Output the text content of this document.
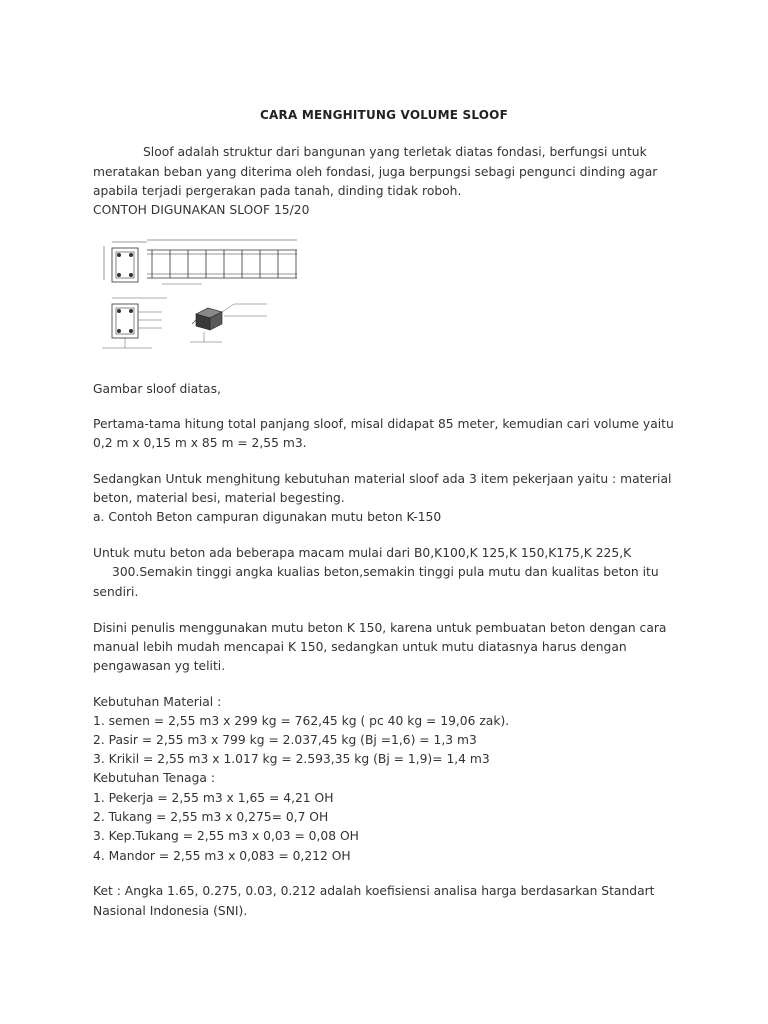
CARA MENGHITUNG VOLUME SLOOF
Sloof adalah struktur dari bangunan yang terletak diatas fondasi, berfungsi untuk
meratakan beban yang diterima oleh fondasi, juga berpungsi sebagi pengunci dinding agar
apabila terjadi pergerakan pada tanah, dinding tidak roboh.
CONTOH DIGUNAKAN SLOOF 15/20
Gambar sloof diatas,
Pertama-tama hitung total panjang sloof, misal didapat 85 meter, kemudian cari volume yaitu
0,2 m x 0,15 m x 85 m = 2,55 m3.
Sedangkan Untuk menghitung kebutuhan material sloof ada 3 item pekerjaan yaitu : material
beton, material besi, material begesting.
a. Contoh Beton campuran digunakan mutu beton K-150
Untuk mutu beton ada beberapa macam mulai dari B0,K100,K 125,K 150,K175,K 225,K
300.Semakin tinggi angka kualias beton,semakin tinggi pula mutu dan kualitas beton itu
sendiri.
Disini penulis menggunakan mutu beton K 150, karena untuk pembuatan beton dengan cara
manual lebih mudah mencapai K 150, sedangkan untuk mutu diatasnya harus dengan
pengawasan yg teliti.
Kebutuhan Material :
1. semen = 2,55 m3 x 299 kg = 762,45 kg ( pc 40 kg = 19,06 zak).
2. Pasir = 2,55 m3 x 799 kg = 2.037,45 kg (Bj =1,6) = 1,3 m3
3. Krikil = 2,55 m3 x 1.017 kg = 2.593,35 kg (Bj = 1,9)= 1,4 m3
Kebutuhan Tenaga :
1. Pekerja = 2,55 m3 x 1,65 = 4,21 OH
2. Tukang = 2,55 m3 x 0,275= 0,7 OH
3. Kep.Tukang = 2,55 m3 x 0,03 = 0,08 OH
4. Mandor = 2,55 m3 x 0,083 = 0,212 OH
Ket : Angka 1.65, 0.275, 0.03, 0.212 adalah koefisiensi analisa harga berdasarkan Standart
Nasional Indonesia (SNI).
